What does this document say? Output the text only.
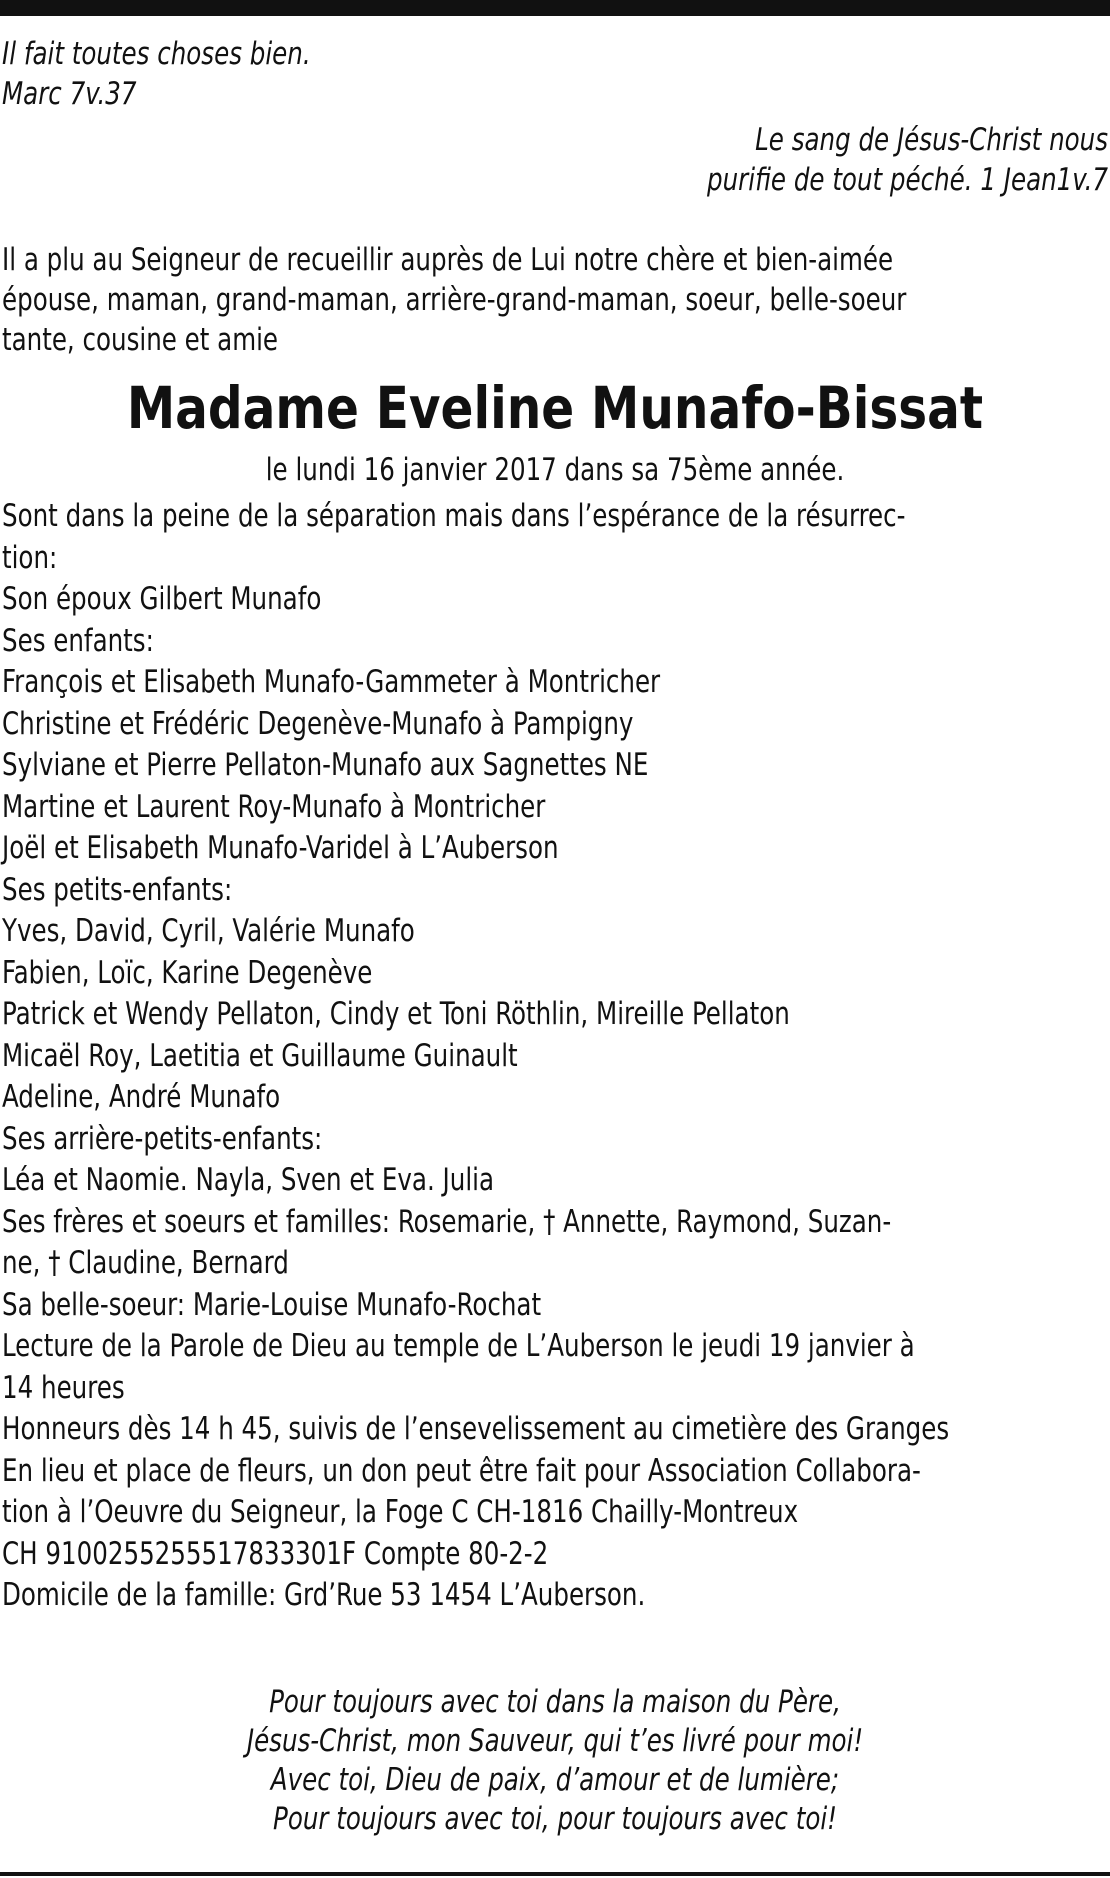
Il fait toutes choses bien.
Marc 7v.37
Le sang de Jésus-Christ nous
purifie de tout péché. 1 Jean1v.7
Il a plu au Seigneur de recueillir auprès de Lui notre chère et bien-aimée
épouse, maman, grand-maman, arrière-grand-maman, soeur, belle-soeur
tante, cousine et amie
Madame Eveline Munafo-Bissat
le lundi 16 janvier 2017 dans sa 75ème année.
Sont dans la peine de la séparation mais dans l’espérance de la résurrec-
tion:
Son époux Gilbert Munafo
Ses enfants:
François et Elisabeth Munafo-Gammeter à Montricher
Christine et Frédéric Degenève-Munafo à Pampigny
Sylviane et Pierre Pellaton-Munafo aux Sagnettes NE
Martine et Laurent Roy-Munafo à Montricher
Joël et Elisabeth Munafo-Varidel à L’Auberson
Ses petits-enfants:
Yves, David, Cyril, Valérie Munafo
Fabien, Loïc, Karine Degenève
Patrick et Wendy Pellaton, Cindy et Toni Röthlin, Mireille Pellaton
Micaël Roy, Laetitia et Guillaume Guinault
Adeline, André Munafo
Ses arrière-petits-enfants:
Léa et Naomie. Nayla, Sven et Eva. Julia
Ses frères et soeurs et familles: Rosemarie, † Annette, Raymond, Suzan-
ne, † Claudine, Bernard
Sa belle-soeur: Marie-Louise Munafo-Rochat
Lecture de la Parole de Dieu au temple de L’Auberson le jeudi 19 janvier à
14 heures
Honneurs dès 14 h 45, suivis de l’ensevelissement au cimetière des Granges
En lieu et place de fleurs, un don peut être fait pour Association Collabora-
tion à l’Oeuvre du Seigneur, la Foge C CH-1816 Chailly-Montreux
CH 9100255255517833301F Compte 80-2-2
Domicile de la famille: Grd’Rue 53 1454 L’Auberson.
Pour toujours avec toi dans la maison du Père,
Jésus-Christ, mon Sauveur, qui t’es livré pour moi!
Avec toi, Dieu de paix, d’amour et de lumière;
Pour toujours avec toi, pour toujours avec toi!
